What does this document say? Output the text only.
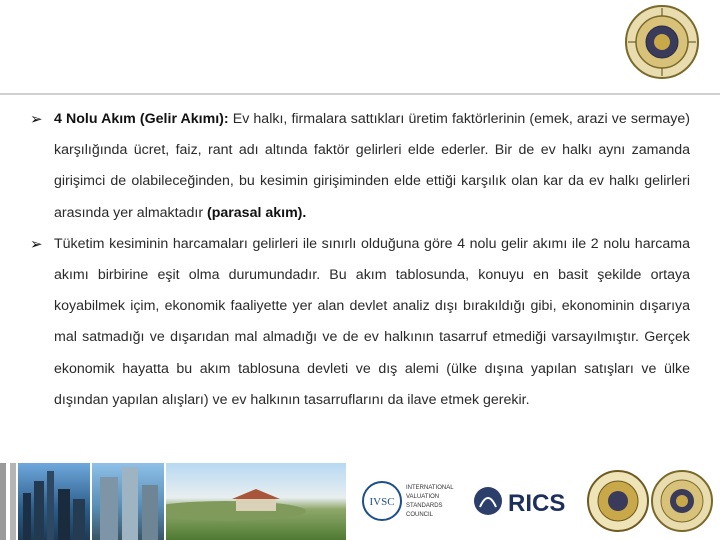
➢ 4 Nolu Akım (Gelir Akımı): Ev halkı, firmalara sattıkları üretim faktörlerinin (emek, arazi ve sermaye) karşılığında ücret, faiz, rant adı altında faktör gelirleri elde ederler. Bir de ev halkı aynı zamanda girişimci de olabileceğinden, bu kesimin girişiminden elde ettiği karşılık olan kar da ev halkı gelirleri arasında yer almaktadır (parasal akım).
➢ Tüketim kesiminin harcamaları gelirleri ile sınırlı olduğuna göre 4 nolu gelir akımı ile 2 nolu harcama akımı birbirine eşit olma durumundadır. Bu akım tablosunda, konuyu en basit şekilde ortaya koyabilmek içim, ekonomik faaliyette yer alan devlet analiz dışı bırakıldığı gibi, ekonominin dışarıya mal satmadığı ve dışarıdan mal almadığı ve de ev halkının tasarruf etmediği varsayılmıştır. Gerçek ekonomik hayatta bu akım tablosuna devleti ve dış alemi (ülke dışına yapılan satışları ve ülke dışından yapılan alışları) ve ev halkının tasarruflarını da ilave etmek gerekir.
IVSC
INTERNATIONAL
VALUATION
STANDARDS
COUNCIL	RICS
